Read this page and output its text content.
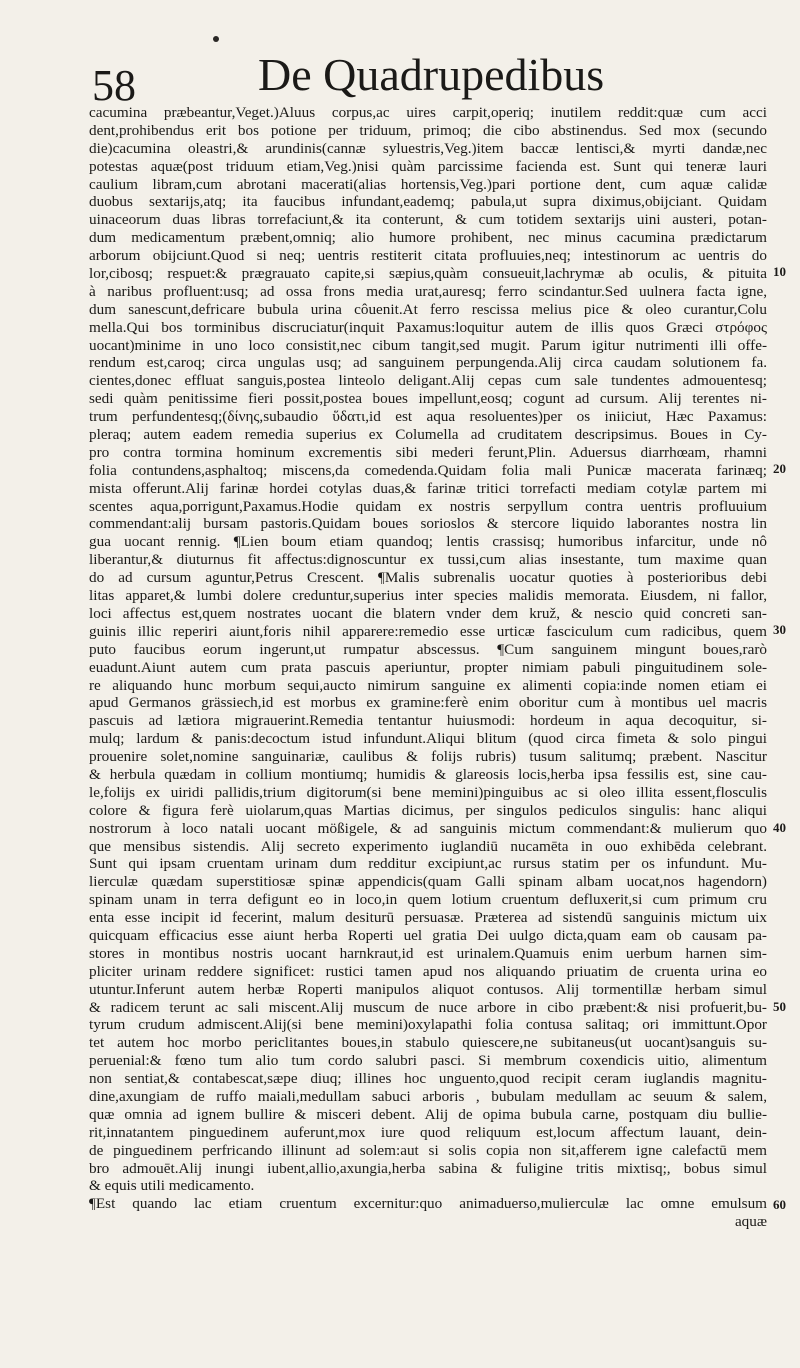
58	De Quadrupedibus
cacumina præbeantur,Veget.)Aluus corpus,ac uires carpit,operiq; inutilem reddit:quæ cum acci
dent,prohibendus erit bos potione per triduum, primoq; die cibo abstinendus. Sed mox (secundo
die)cacumina oleastri,& arundinis(cannæ syluestris,Veg.)item baccæ lentisci,& myrti dandæ,nec
potestas aquæ(post triduum etiam,Veg.)nisi quàm parcissime facienda est. Sunt qui teneræ lauri
caulium libram,cum abrotani macerati(alias hortensis,Veg.)pari portione dent, cum aquæ calidæ
duobus sextarijs,atq; ita faucibus infundant,eademq; pabula,ut supra diximus,obijciant. Quidam
uinaceorum duas libras torrefaciunt,& ita conterunt, & cum totidem sextarijs uini austeri, potan-
dum medicamentum præbent,omniq; alio humore prohibent, nec minus cacumina prædictarum
arborum obijciunt.Quod si neq; uentris restiterit citata profluuies,neq; intestinorum ac uentris do
lor,cibosq; respuet:& prægrauato capite,si sæpius,quàm consueuit,lachrymæ ab oculis, & pituita
à naribus profluent:usq; ad ossa frons media urat,auresq; ferro scindantur.Sed uulnera facta igne,
dum sanescunt,defricare bubula urina côuenit.At ferro rescissa melius pice & oleo curantur,Colu
mella.Qui bos torminibus discruciatur(inquit Paxamus:loquitur autem de illis quos Græci στρόφος
uocant)minime in uno loco consistit,nec cibum tangit,sed mugit. Parum igitur nutrimenti illi offe-
rendum est,caroq; circa ungulas usq; ad sanguinem perpungenda.Alij circa caudam solutionem fa.
cientes,donec effluat sanguis,postea linteolo deligant.Alij cepas cum sale tundentes admouentesq;
sedi quàm penitissime fieri possit,postea boues impellunt,eosq; cogunt ad cursum. Alij terentes ni-
trum perfundentesq;(δίνης,subaudio ὕδατι,id est aqua resoluentes)per os iniiciut, Hæc Paxamus:
pleraq; autem eadem remedia superius ex Columella ad cruditatem descripsimus. Boues in Cy-
pro contra tormina hominum excrementis sibi mederi ferunt,Plin. Aduersus diarrhœam, rhamni
folia contundens,asphaltoq; miscens,da comedenda.Quidam folia mali Punicæ macerata farinæq;
mista offerunt.Alij farinæ hordei cotylas duas,& farinæ tritici torrefacti mediam cotylæ partem mi
scentes aqua,porrigunt,Paxamus.Hodie quidam ex nostris serpyllum contra uentris profluuium
commendant:alij bursam pastoris.Quidam boues sorioslos & stercore liquido laborantes nostra lin
gua uocant rennig. ¶Lien boum etiam quandoq; lentis crassisq; humoribus infarcitur, unde nô
liberantur,& diuturnus fit affectus:dignoscuntur ex tussi,cum alias insestante, tum maxime quan
do ad cursum aguntur,Petrus Crescent. ¶Malis subrenalis uocatur quoties à posterioribus debi
litas apparet,& lumbi dolere creduntur,superius inter species malidis memorata. Eiusdem, ni fallor,
loci affectus est,quem nostrates uocant die blatern vnder dem kruž, & nescio quid concreti san-
guinis illic reperiri aiunt,foris nihil apparere:remedio esse urticæ fasciculum cum radicibus, quem
puto faucibus eorum ingerunt,ut rumpatur abscessus. ¶Cum sanguinem mingunt boues,rarò
euadunt.Aiunt autem cum prata pascuis aperiuntur, propter nimiam pabuli pinguitudinem sole-
re aliquando hunc morbum sequi,aucto nimirum sanguine ex alimenti copia:inde nomen etiam ei
apud Germanos grässiech,id est morbus ex gramine:ferè enim oboritur cum à montibus uel macris
pascuis ad lætiora migrauerint.Remedia tentantur huiusmodi: hordeum in aqua decoquitur, si-
mulq; lardum & panis:decoctum istud infundunt.Aliqui blitum (quod circa fimeta & solo pingui
prouenire solet,nomine sanguinariæ, caulibus & folijs rubris) tusum salitumq; præbent. Nascitur
& herbula quædam in collium montiumq; humidis & glareosis locis,herba ipsa fessilis est, sine cau-
le,folijs ex uiridi pallidis,trium digitorum(si bene memini)pinguibus ac si oleo illita essent,flosculis
colore & figura ferè uiolarum,quas Martias dicimus, per singulos pediculos singulis: hanc aliqui
nostrorum à loco natali uocant mößigele, & ad sanguinis mictum commendant:& mulierum quo
que mensibus sistendis. Alij secreto experimento iuglandiū nucamēta in ouo exhibēda celebrant.
Sunt qui ipsam cruentam urinam dum redditur excipiunt,ac rursus statim per os infundunt. Mu-
lierculæ quædam superstitiosæ spinæ appendicis(quam Galli spinam albam uocat,nos hagendorn)
spinam unam in terra defigunt eo in loco,in quem lotium cruentum defluxerit,si cum primum cru
enta esse incipit id fecerint, malum desiturū persuasæ. Præterea ad sistendū sanguinis mictum uix
quicquam efficacius esse aiunt herba Roperti uel gratia Dei uulgo dicta,quam eam ob causam pa-
stores in montibus nostris uocant harnkraut,id est urinalem.Quamuis enim uerbum harnen sim-
pliciter urinam reddere significet: rustici tamen apud nos aliquando priuatim de cruenta urina eo
utuntur.Inferunt autem herbæ Roperti manipulos aliquot contusos. Alij tormentillæ herbam simul
& radicem terunt ac sali miscent.Alij muscum de nuce arbore in cibo præbent:& nisi profuerit,bu-
tyrum crudum admiscent.Alij(si bene memini)oxylapathi folia contusa salitaq; ori immittunt.Opor
tet autem hoc morbo periclitantes boues,in stabulo quiescere,ne subitaneus(ut uocant)sanguis su-
peruenial:& fœno tum alio tum cordo salubri pasci. Si membrum coxendicis uitio, alimentum
non sentiat,& contabescat,sæpe diuq; illines hoc unguento,quod recipit ceram iuglandis magnitu-
dine,axungiam de ruffo maiali,medullam sabuci arboris , bubulam medullam ac seuum & salem,
quæ omnia ad ignem bullire & misceri debent. Alij de opima bubula carne, postquam diu bullie-
rit,innatantem pinguedinem auferunt,mox iure quod reliquum est,locum affectum lauant, dein-
de pinguedinem perfricando illinunt ad solem:aut si solis copia non sit,afferem igne calefactū mem
bro admouēt.Alij inungi iubent,allio,axungia,herba sabina & fuligine tritis mixtisq;, bobus simul
& equis utili medicamento.
¶Est quando lac etiam cruentum excernitur:quo animaduerso,mulierculæ lac omne emulsum
aquæ
10
20
30
40
50
60
